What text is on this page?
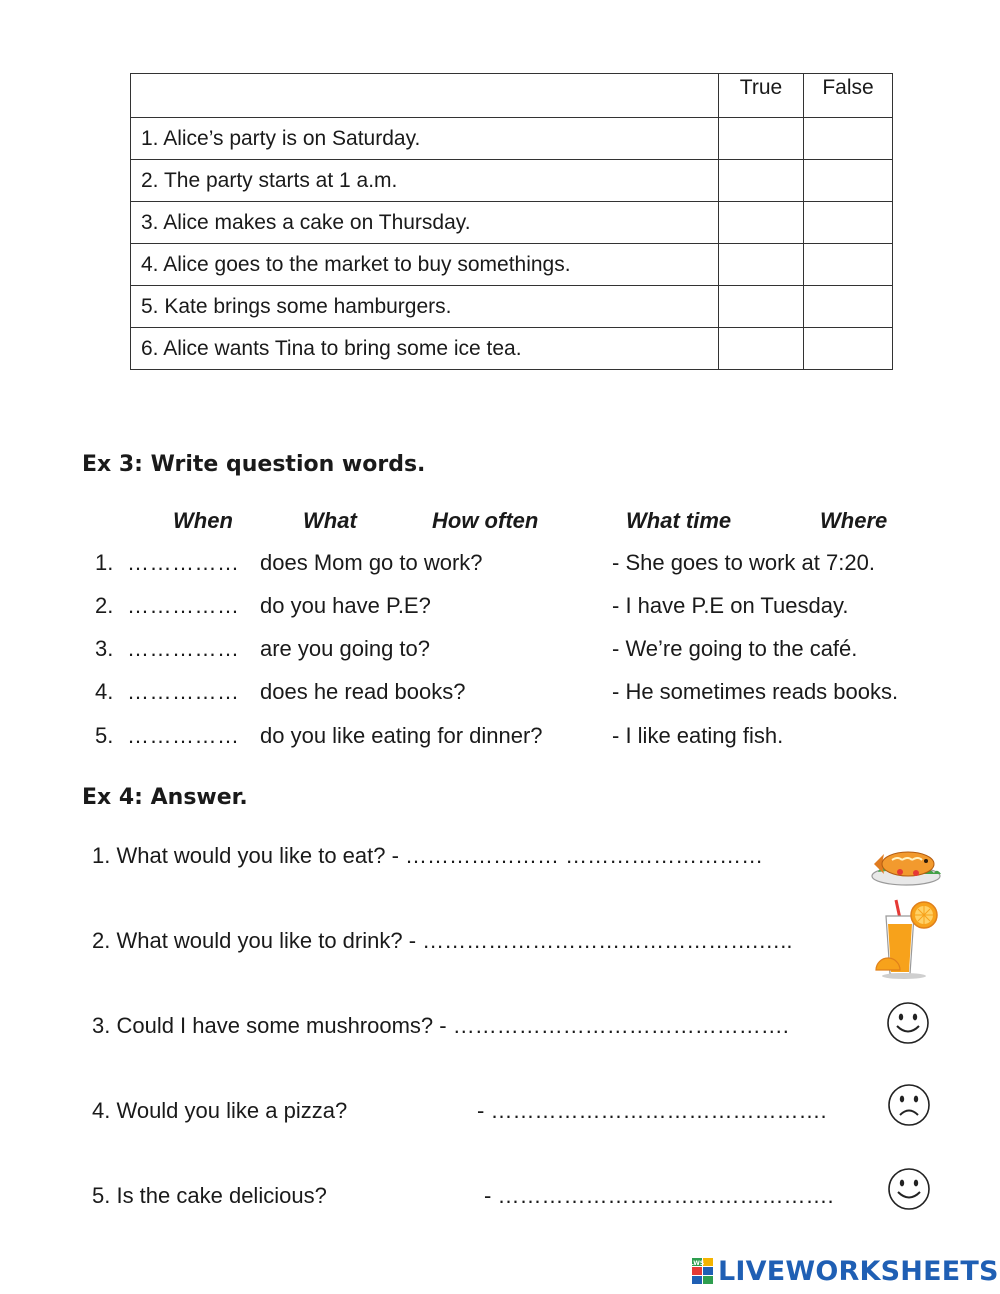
	True	False
1. Alice’s party is on Saturday.		
2. The party starts at 1 a.m.		
3. Alice makes a cake on Thursday.		
4. Alice goes to the market to buy somethings.		
5. Kate brings some hamburgers.		
6. Alice wants Tina to bring some ice tea.		
Ex 3: Write question words.
When	What	How often	What time	Where
1. …………… does Mom go to work?	- She goes to work at 7:20.
2. …………… do you have P.E?	- I have P.E on Tuesday.
3. …………… are you going to?	- We’re going to the café.
4. …………… does he read books?	- He sometimes reads books.
5. …………… do you like eating for dinner?	- I like eating fish.
Ex 4: Answer.
1. What would you like to eat? - ………………… ………………………
2. What would you like to drink? - ……………………………………….…..
3. Could I have some mushrooms? - ……………………………………….
4. Would you like a pizza?	- ……………………………………….
5. Is the cake delicious?	- ……………………………………….
LWS LIVEWORKSHEETS
